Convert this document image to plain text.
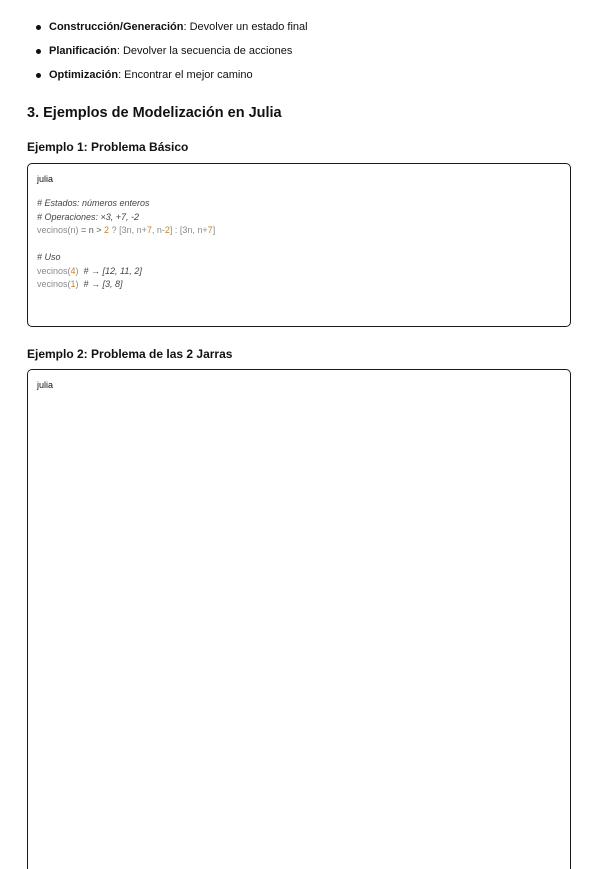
Construcción/Generación: Devolver un estado final
Planificación: Devolver la secuencia de acciones
Optimización: Encontrar el mejor camino
3. Ejemplos de Modelización en Julia
Ejemplo 1: Problema Básico
julia
# Estados: números enteros
# Operaciones: ×3, +7, -2
vecinos(n) = n > 2 ? [3n, n+7, n-2] : [3n, n+7]
# Uso
vecinos(4)  # → [12, 11, 2]
vecinos(1)  # → [3, 8]
Ejemplo 2: Problema de las 2 Jarras
julia
